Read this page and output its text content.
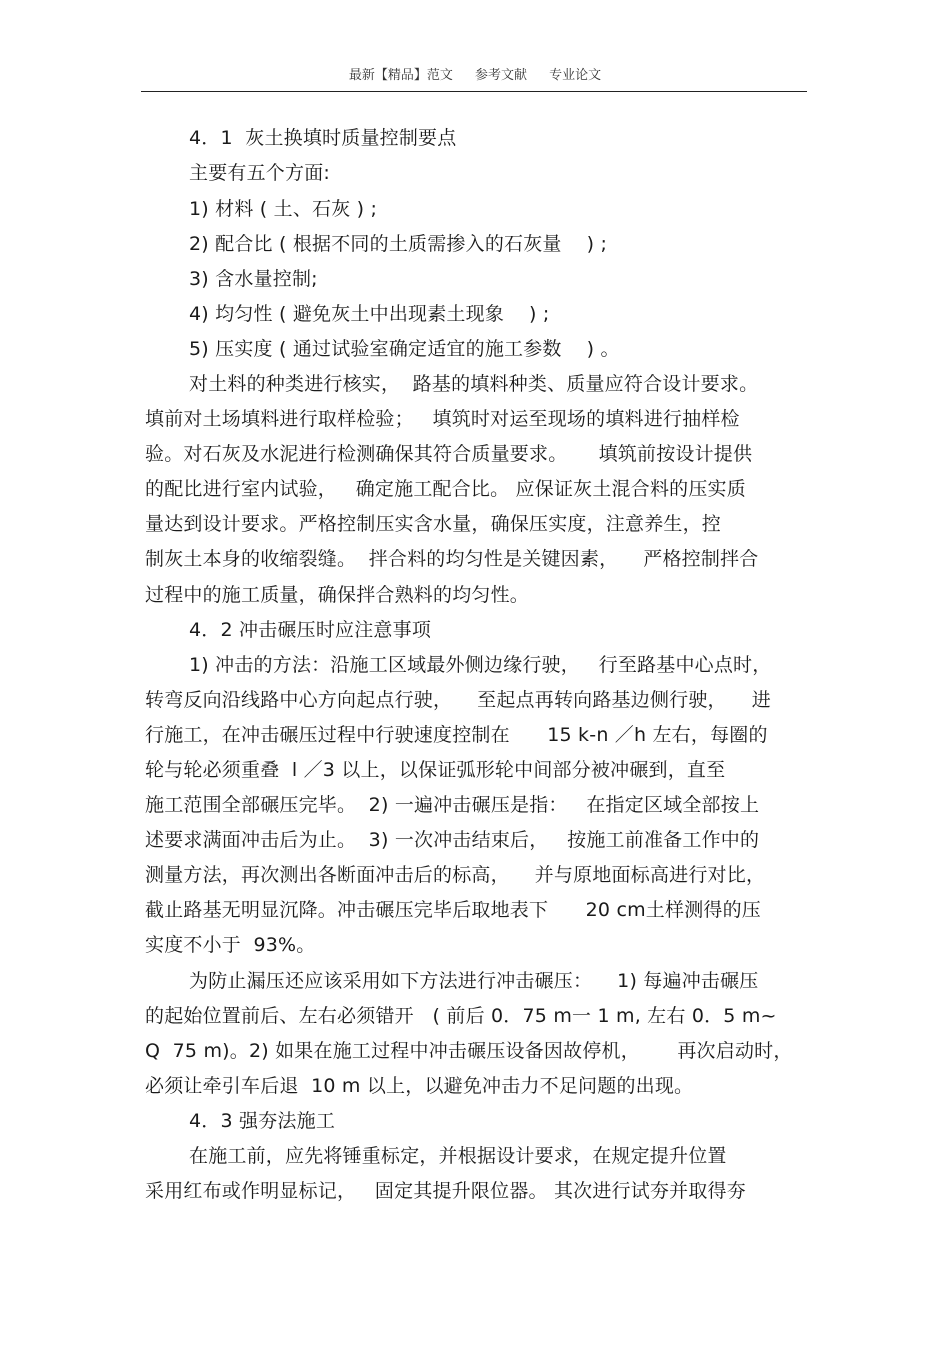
最新【精品】范文 参考文献 专业论文
4．1  灰土换填时质量控制要点
主要有五个方面:
1) 材料 ( 土、石灰 ) ;
2) 配合比 ( 根据不同的土质需掺入的石灰量    ) ;
3) 含水量控制;
4) 均匀性 ( 避免灰土中出现素土现象    ) ;
5) 压实度 ( 通过试验室确定适宜的施工参数    ) 。
对土料的种类进行核实，  路基的填料种类、质量应符合设计要求。
填前对土场填料进行取样检验；   填筑时对运至现场的填料进行抽样检
验。对石灰及水泥进行检测确保其符合质量要求。     填筑前按设计提供
的配比进行室内试验，   确定施工配合比。 应保证灰土混合料的压实质
量达到设计要求。严格控制压实含水量，确保压实度，注意养生，控
制灰土本身的收缩裂缝。  拌合料的均匀性是关键因素，    严格控制拌合
过程中的施工质量，确保拌合熟料的均匀性。
4．2 冲击碾压时应注意事项
1) 冲击的方法：沿施工区域最外侧边缘行驶，   行至路基中心点时，
转弯反向沿线路中心方向起点行驶，    至起点再转向路基边侧行驶，    进
行施工，在冲击碾压过程中行驶速度控制在      15 k-n ／h 左右，每圈的
轮与轮必须重叠  l ／3 以上，以保证弧形轮中间部分被冲碾到，直至
施工范围全部碾压完毕。  2) 一遍冲击碾压是指：   在指定区域全部按上
述要求满面冲击后为止。  3) 一次冲击结束后，   按施工前准备工作中的
测量方法，再次测出各断面冲击后的标高，    并与原地面标高进行对比，
截止路基无明显沉降。冲击碾压完毕后取地表下      20 cm土样测得的压
实度不小于  93%。
为防止漏压还应该采用如下方法进行冲击碾压：    1) 每遍冲击碾压
的起始位置前后、左右必须错开   ( 前后 0．75 m一 1 m, 左右 0．5 m~
Q  75 m)。2) 如果在施工过程中冲击碾压设备因故停机，      再次启动时，
必须让牵引车后退  10 m 以上，以避免冲击力不足问题的出现。
4．3 强夯法施工
在施工前，应先将锤重标定，并根据设计要求，在规定提升位置
采用红布或作明显标记，   固定其提升限位器。 其次进行试夯并取得夯
